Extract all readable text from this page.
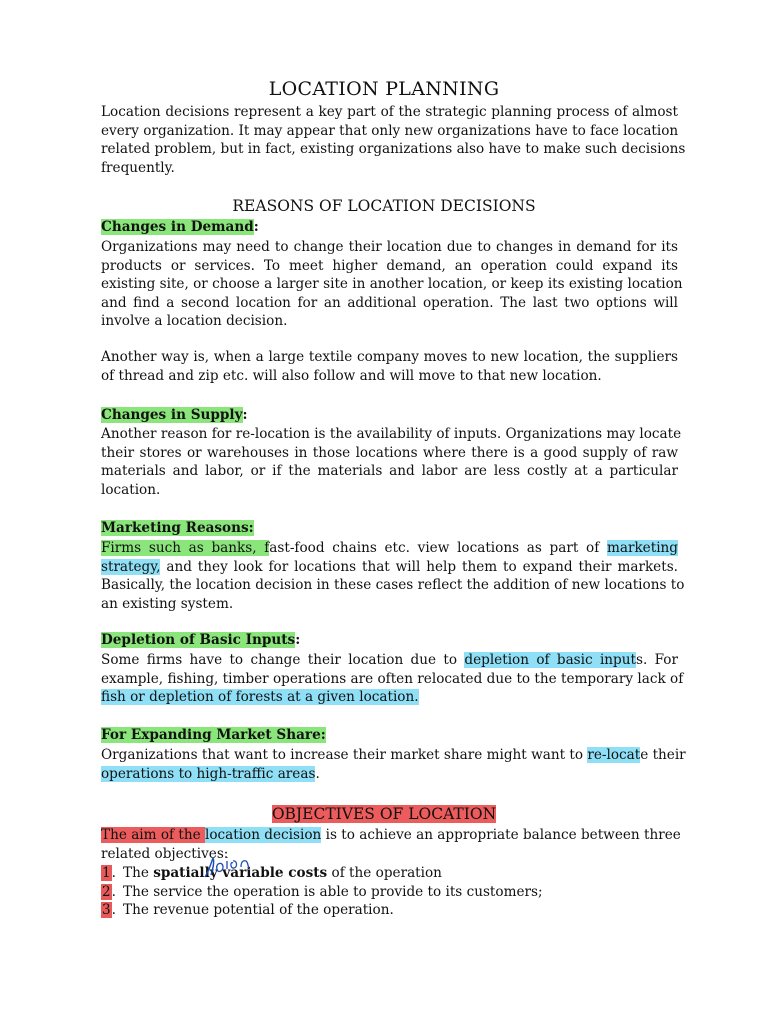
LOCATION PLANNING
Location decisions represent a key part of the strategic planning process of almost
every organization. It may appear that only new organizations have to face location
related problem, but in fact, existing organizations also have to make such decisions
frequently.
REASONS OF LOCATION DECISIONS
Changes in Demand:
Organizations may need to change their location due to changes in demand for its
products or services. To meet higher demand, an operation could expand its
existing site, or choose a larger site in another location, or keep its existing location
and find a second location for an additional operation. The last two options will
involve a location decision.
Another way is, when a large textile company moves to new location, the suppliers
of thread and zip etc. will also follow and will move to that new location.
Changes in Supply:
Another reason for re-location is the availability of inputs. Organizations may locate
their stores or warehouses in those locations where there is a good supply of raw
materials and labor, or if the materials and labor are less costly at a particular
location.
Marketing Reasons:
Firms such as banks, fast-food chains etc. view locations as part of marketing
strategy, and they look for locations that will help them to expand their markets.
Basically, the location decision in these cases reflect the addition of new locations to
an existing system.
Depletion of Basic Inputs:
Some firms have to change their location due to depletion of basic inputs. For
example, fishing, timber operations are often relocated due to the temporary lack of
fish or depletion of forests at a given location.
For Expanding Market Share:
Organizations that want to increase their market share might want to re-locate their
operations to high-traffic areas.
OBJECTIVES OF LOCATION
The aim of the location decision is to achieve an appropriate balance between three
related objectives:
1. The spatially variable costs of the operation
2. The service the operation is able to provide to its customers;
3. The revenue potential of the operation.
